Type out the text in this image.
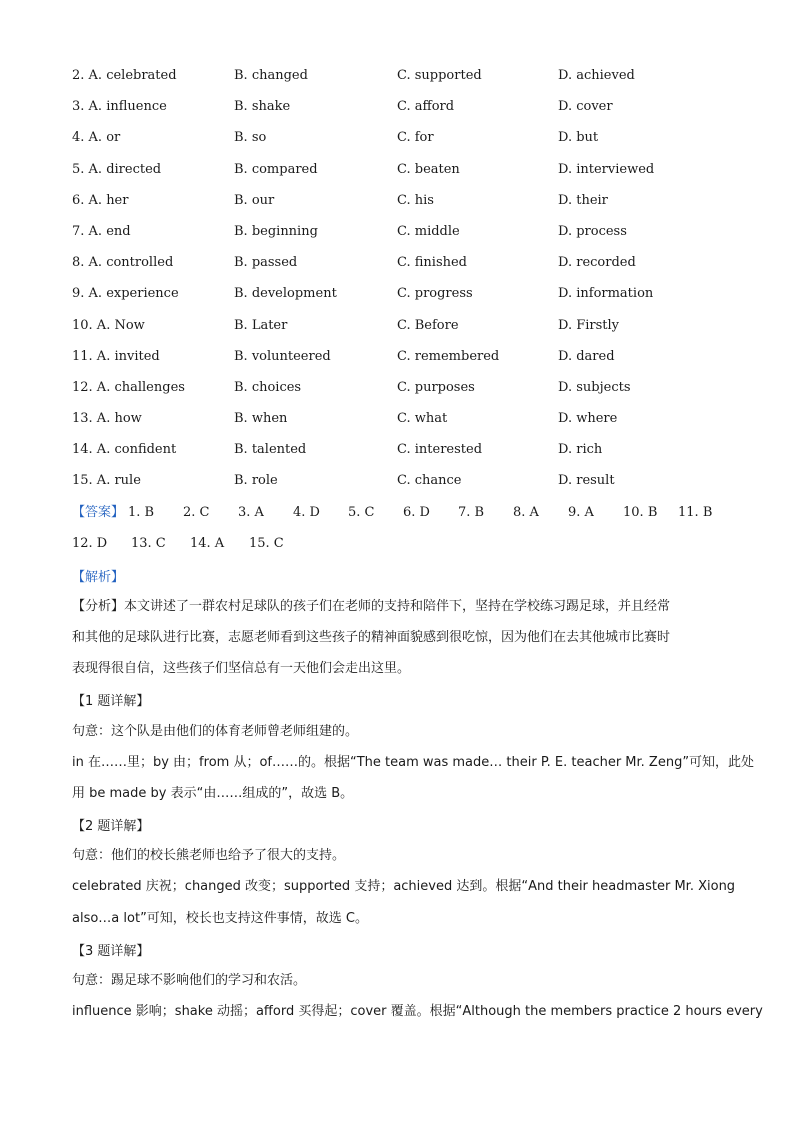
2. A. celebrated	B. changed	C. supported	D. achieved
3. A. influence	B. shake	C. afford	D. cover
4. A. or	B. so	C. for	D. but
5. A. directed	B. compared	C. beaten	D. interviewed
6. A. her	B. our	C. his	D. their
7. A. end	B. beginning	C. middle	D. process
8. A. controlled	B. passed	C. finished	D. recorded
9. A. experience	B. development	C. progress	D. information
10. A. Now	B. Later	C. Before	D. Firstly
11. A. invited	B. volunteered	C. remembered	D. dared
12. A. challenges	B. choices	C. purposes	D. subjects
13. A. how	B. when	C. what	D. where
14. A. confident	B. talented	C. interested	D. rich
15. A. rule	B. role	C. chance	D. result
【答案】 1. B 2. C 3. A 4. D 5. C 6. D 7. B 8. A 9. A 10. B 11. B
12. D 13. C 14. A 15. C
【解析】
【分析】本文讲述了一群农村足球队的孩子们在老师的支持和陪伴下，坚持在学校练习踢足球，并且经常
和其他的足球队进行比赛，志愿老师看到这些孩子的精神面貌感到很吃惊，因为他们在去其他城市比赛时
表现得很自信，这些孩子们坚信总有一天他们会走出这里。
【1 题详解】
句意：这个队是由他们的体育老师曾老师组建的。
in 在……里；by 由；from 从；of……的。根据“The team was made… their P. E. teacher Mr. Zeng”可知，此处
用 be made by 表示“由……组成的”，故选 B。
【2 题详解】
句意：他们的校长熊老师也给予了很大的支持。
celebrated 庆祝；changed 改变；supported 支持；achieved 达到。根据“And their headmaster Mr. Xiong
also…a lot”可知，校长也支持这件事情，故选 C。
【3 题详解】
句意：踢足球不影响他们的学习和农活。
influence 影响；shake 动摇；afford 买得起；cover 覆盖。根据“Although the members practice 2 hours every
